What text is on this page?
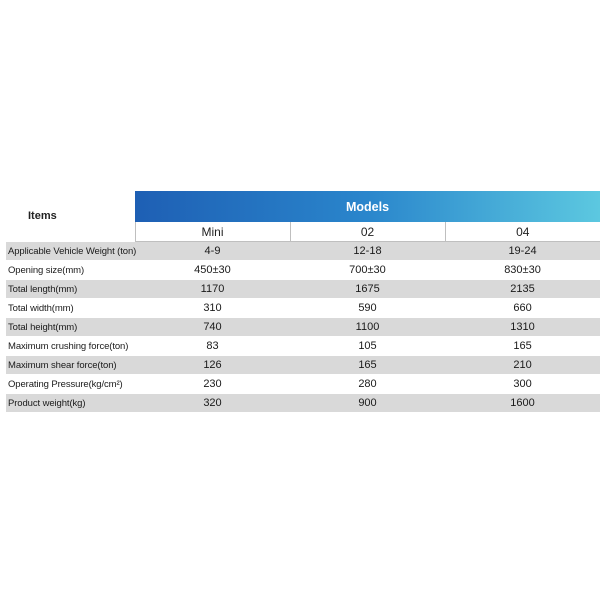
Items	Models		
	Mini	02	04
Applicable Vehicle Weight (ton)	4-9	12-18	19-24
Opening size(mm)	450±30	700±30	830±30
Total length(mm)	1170	1675	2135
Total width(mm)	310	590	660
Total height(mm)	740	1100	1310
Maximum crushing force(ton)	83	105	165
Maximum shear force(ton)	126	165	210
Operating Pressure(kg/cm²)	230	280	300
Product weight(kg)	320	900	1600
